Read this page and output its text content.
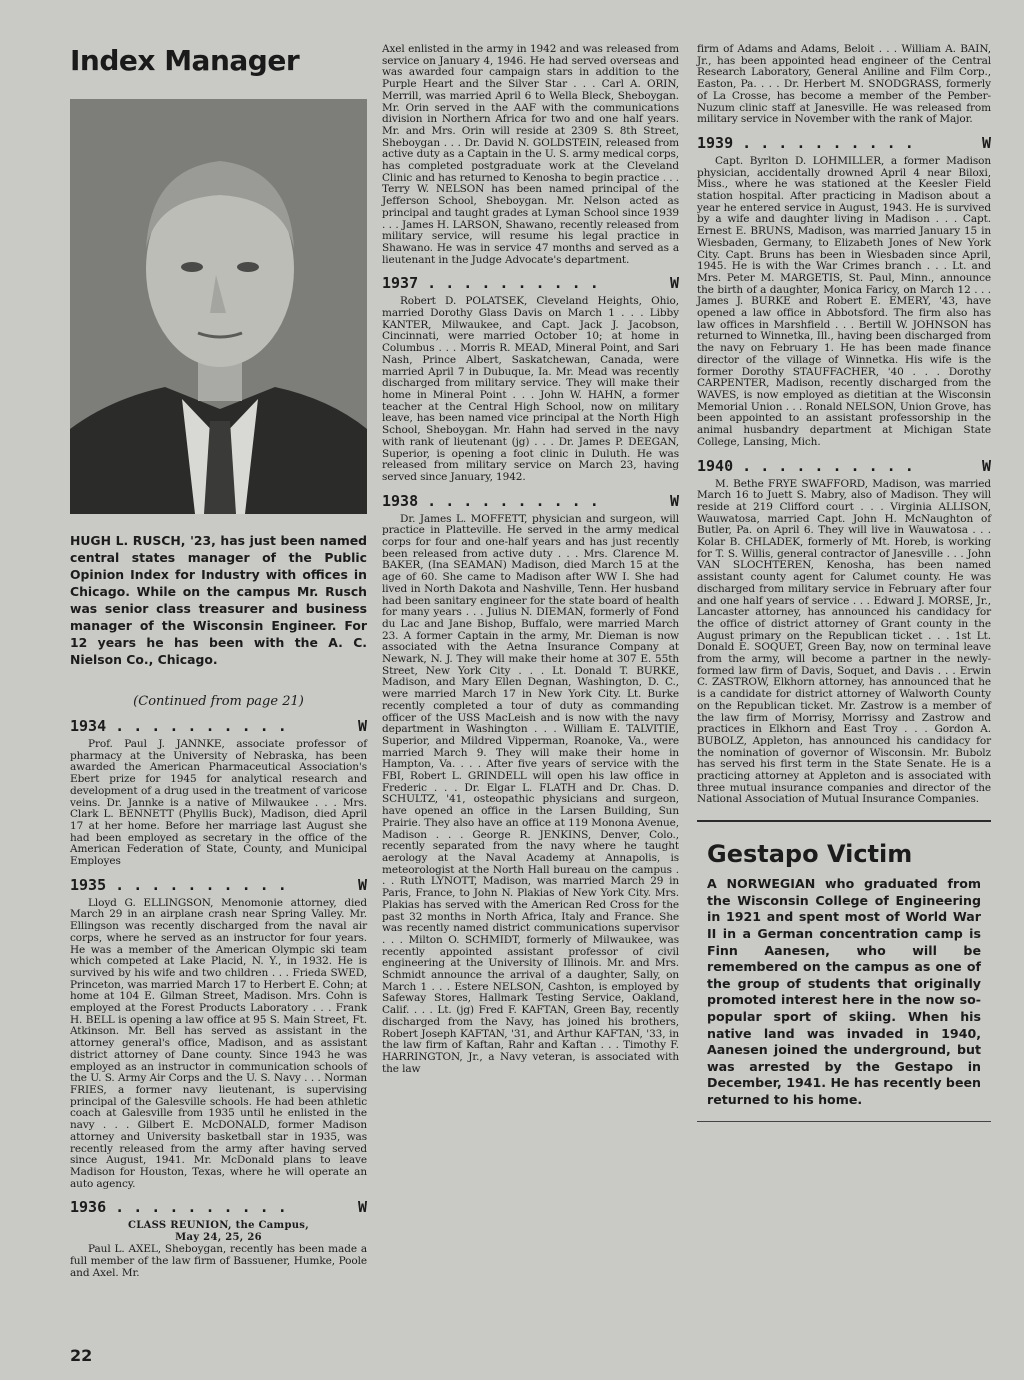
Index Manager

HUGH L. RUSCH, '23, has just been named central states manager of the Public Opinion Index for Industry with offices in Chicago. While on the campus Mr. Rusch was senior class treasurer and business manager of the Wisconsin Engineer. For 12 years he has been with the A. C. Nielson Co., Chicago.

(Continued from page 21)

1934 . . . . . . . . . .	W

Prof. Paul J. JANNKE, associate professor of pharmacy at the University of Nebraska, has been awarded the American Pharmaceutical Association's Ebert prize for 1945 for analytical research and development of a drug used in the treatment of varicose veins. Dr. Jannke is a native of Milwaukee . . . Mrs. Clark L. BENNETT (Phyllis Buck), Madison, died April 17 at her home. Before her marriage last August she had been employed as secretary in the office of the American Federation of State, County, and Municipal Employes

1935 . . . . . . . . . .	W

Lloyd G. ELLINGSON, Menomonie attorney, died March 29 in an airplane crash near Spring Valley. Mr. Ellingson was recently discharged from the naval air corps, where he served as an instructor for four years. He was a member of the American Olympic ski team which competed at Lake Placid, N. Y., in 1932. He is survived by his wife and two children . . . Frieda SWED, Princeton, was married March 17 to Herbert E. Cohn; at home at 104 E. Gilman Street, Madison. Mrs. Cohn is employed at the Forest Products Laboratory . . . Frank H. BELL is opening a law office at 95 S. Main Street, Ft. Atkinson. Mr. Bell has served as assistant in the attorney general's office, Madison, and as assistant district attorney of Dane county. Since 1943 he was employed as an instructor in communication schools of the U. S. Army Air Corps and the U. S. Navy . . . Norman FRIES, a former navy lieutenant, is supervising principal of the Galesville schools. He had been athletic coach at Galesville from 1935 until he enlisted in the navy . . . Gilbert E. McDONALD, former Madison attorney and University basketball star in 1935, was recently released from the army after having served since August, 1941. Mr. McDonald plans to leave Madison for Houston, Texas, where he will operate an auto agency.

1936 . . . . . . . . . .	W
CLASS REUNION, the Campus,
May 24, 25, 26

Paul L. AXEL, Sheboygan, recently has been made a full member of the law firm of Bassuener, Humke, Poole and Axel. Mr.

Axel enlisted in the army in 1942 and was released from service on January 4, 1946. He had served overseas and was awarded four campaign stars in addition to the Purple Heart and the Silver Star . . . Carl A. ORIN, Merrill, was married April 6 to Wella Bleck, Sheboygan. Mr. Orin served in the AAF with the communications division in Northern Africa for two and one half years. Mr. and Mrs. Orin will reside at 2309 S. 8th Street, Sheboygan . . . Dr. David N. GOLDSTEIN, released from active duty as a Captain in the U. S. army medical corps, has completed postgraduate work at the Cleveland Clinic and has returned to Kenosha to begin practice . . . Terry W. NELSON has been named principal of the Jefferson School, Sheboygan. Mr. Nelson acted as principal and taught grades at Lyman School since 1939 . . . James H. LARSON, Shawano, recently released from military service, will resume his legal practice in Shawano. He was in service 47 months and served as a lieutenant in the Judge Advocate's department.

1937 . . . . . . . . . .	W

Robert D. POLATSEK, Cleveland Heights, Ohio, married Dorothy Glass Davis on March 1 . . . Libby KANTER, Milwaukee, and Capt. Jack J. Jacobson, Cincinnati, were married October 10; at home in Columbus . . . Morris R. MEAD, Mineral Point, and Sari Nash, Prince Albert, Saskatchewan, Canada, were married April 7 in Dubuque, Ia. Mr. Mead was recently discharged from military service. They will make their home in Mineral Point . . . John W. HAHN, a former teacher at the Central High School, now on military leave, has been named vice principal at the North High School, Sheboygan. Mr. Hahn had served in the navy with rank of lieutenant (jg) . . . Dr. James P. DEEGAN, Superior, is opening a foot clinic in Duluth. He was released from military service on March 23, having served since January, 1942.

1938 . . . . . . . . . .	W

Dr. James L. MOFFETT, physician and surgeon, will practice in Platteville. He served in the army medical corps for four and one-half years and has just recently been released from active duty . . . Mrs. Clarence M. BAKER, (Ina SEAMAN) Madison, died March 15 at the age of 60. She came to Madison after WW I. She had lived in North Dakota and Nashville, Tenn. Her husband had been sanitary engineer for the state board of health for many years . . . Julius N. DIEMAN, formerly of Fond du Lac and Jane Bishop, Buffalo, were married March 23. A former Captain in the army, Mr. Dieman is now associated with the Aetna Insurance Company at Newark, N. J. They will make their home at 307 E. 55th Street, New York City . . . Lt. Donald T. BURKE, Madison, and Mary Ellen Degnan, Washington, D. C., were married March 17 in New York City. Lt. Burke recently completed a tour of duty as commanding officer of the USS MacLeish and is now with the navy department in Washington . . . William E. TALVITIE, Superior, and Mildred Vipperman, Roanoke, Va., were married March 9. They will make their home in Hampton, Va. . . . After five years of service with the FBI, Robert L. GRINDELL will open his law office in Frederic . . . Dr. Elgar L. FLATH and Dr. Chas. D. SCHULTZ, '41, osteopathic physicians and surgeon, have opened an office in the Larsen Building, Sun Prairie. They also have an office at 119 Monona Avenue, Madison . . . George R. JENKINS, Denver, Colo., recently separated from the navy where he taught aerology at the Naval Academy at Annapolis, is meteorologist at the North Hall bureau on the campus . . . Ruth LYNOTT, Madison, was married March 29 in Paris, France, to John N. Plakias of New York City. Mrs. Plakias has served with the American Red Cross for the past 32 months in North Africa, Italy and France. She was recently named district communications supervisor . . . Milton O. SCHMIDT, formerly of Milwaukee, was recently appointed assistant professor of civil engineering at the University of Illinois. Mr. and Mrs. Schmidt announce the arrival of a daughter, Sally, on March 1 . . . Estere NELSON, Cashton, is employed by Safeway Stores, Hallmark Testing Service, Oakland, Calif. . . . Lt. (jg) Fred F. KAFTAN, Green Bay, recently discharged from the Navy, has joined his brothers, Robert Joseph KAFTAN, '31, and Arthur KAFTAN, '33, in the law firm of Kaftan, Rahr and Kaftan . . . Timothy F. HARRINGTON, Jr., a Navy veteran, is associated with the law

firm of Adams and Adams, Beloit . . . William A. BAIN, Jr., has been appointed head engineer of the Central Research Laboratory, General Aniline and Film Corp., Easton, Pa. . . . Dr. Herbert M. SNODGRASS, formerly of La Crosse, has become a member of the Pember-Nuzum clinic staff at Janesville. He was released from military service in November with the rank of Major.

1939 . . . . . . . . . .	W

Capt. Byrlton D. LOHMILLER, a former Madison physician, accidentally drowned April 4 near Biloxi, Miss., where he was stationed at the Keesler Field station hospital. After practicing in Madison about a year he entered service in August, 1943. He is survived by a wife and daughter living in Madison . . . Capt. Ernest E. BRUNS, Madison, was married January 15 in Wiesbaden, Germany, to Elizabeth Jones of New York City. Capt. Bruns has been in Wiesbaden since April, 1945. He is with the War Crimes branch . . . Lt. and Mrs. Peter M. MARGETIS, St. Paul, Minn., announce the birth of a daughter, Monica Faricy, on March 12 . . . James J. BURKE and Robert E. EMERY, '43, have opened a law office in Abbotsford. The firm also has law offices in Marshfield . . . Bertill W. JOHNSON has returned to Winnetka, Ill., having been discharged from the navy on February 1. He has been made finance director of the village of Winnetka. His wife is the former Dorothy STAUFFACHER, '40 . . . Dorothy CARPENTER, Madison, recently discharged from the WAVES, is now employed as dietitian at the Wisconsin Memorial Union . . . Ronald NELSON, Union Grove, has been appointed to an assistant professorship in the animal husbandry department at Michigan State College, Lansing, Mich.

1940 . . . . . . . . . .	W

M. Bethe FRYE SWAFFORD, Madison, was married March 16 to Juett S. Mabry, also of Madison. They will reside at 219 Clifford court . . . Virginia ALLISON, Wauwatosa, married Capt. John H. McNaughton of Butler, Pa. on April 6. They will live in Wauwatosa . . . Kolar B. CHLADEK, formerly of Mt. Horeb, is working for T. S. Willis, general contractor of Janesville . . . John VAN SLOCHTEREN, Kenosha, has been named assistant county agent for Calumet county. He was discharged from military service in February after four and one half years of service . . . Edward J. MORSE, Jr., Lancaster attorney, has announced his candidacy for the office of district attorney of Grant county in the August primary on the Republican ticket . . . 1st Lt. Donald E. SOQUET, Green Bay, now on terminal leave from the army, will become a partner in the newly-formed law firm of Davis, Soquet, and Davis . . . Erwin C. ZASTROW, Elkhorn attorney, has announced that he is a candidate for district attorney of Walworth County on the Republican ticket. Mr. Zastrow is a member of the law firm of Morrisy, Morrissy and Zastrow and practices in Elkhorn and East Troy . . . Gordon A. BUBOLZ, Appleton, has announced his candidacy for the nomination of governor of Wisconsin. Mr. Bubolz has served his first term in the State Senate. He is a practicing attorney at Appleton and is associated with three mutual insurance companies and director of the National Association of Mutual Insurance Companies.

Gestapo Victim

A NORWEGIAN who graduated from the Wisconsin College of Engineering in 1921 and spent most of World War II in a German concentration camp is Finn Aanesen, who will be remembered on the campus as one of the group of students that originally promoted interest here in the now so-popular sport of skiing. When his native land was invaded in 1940, Aanesen joined the underground, but was arrested by the Gestapo in December, 1941. He has recently been returned to his home.

22
